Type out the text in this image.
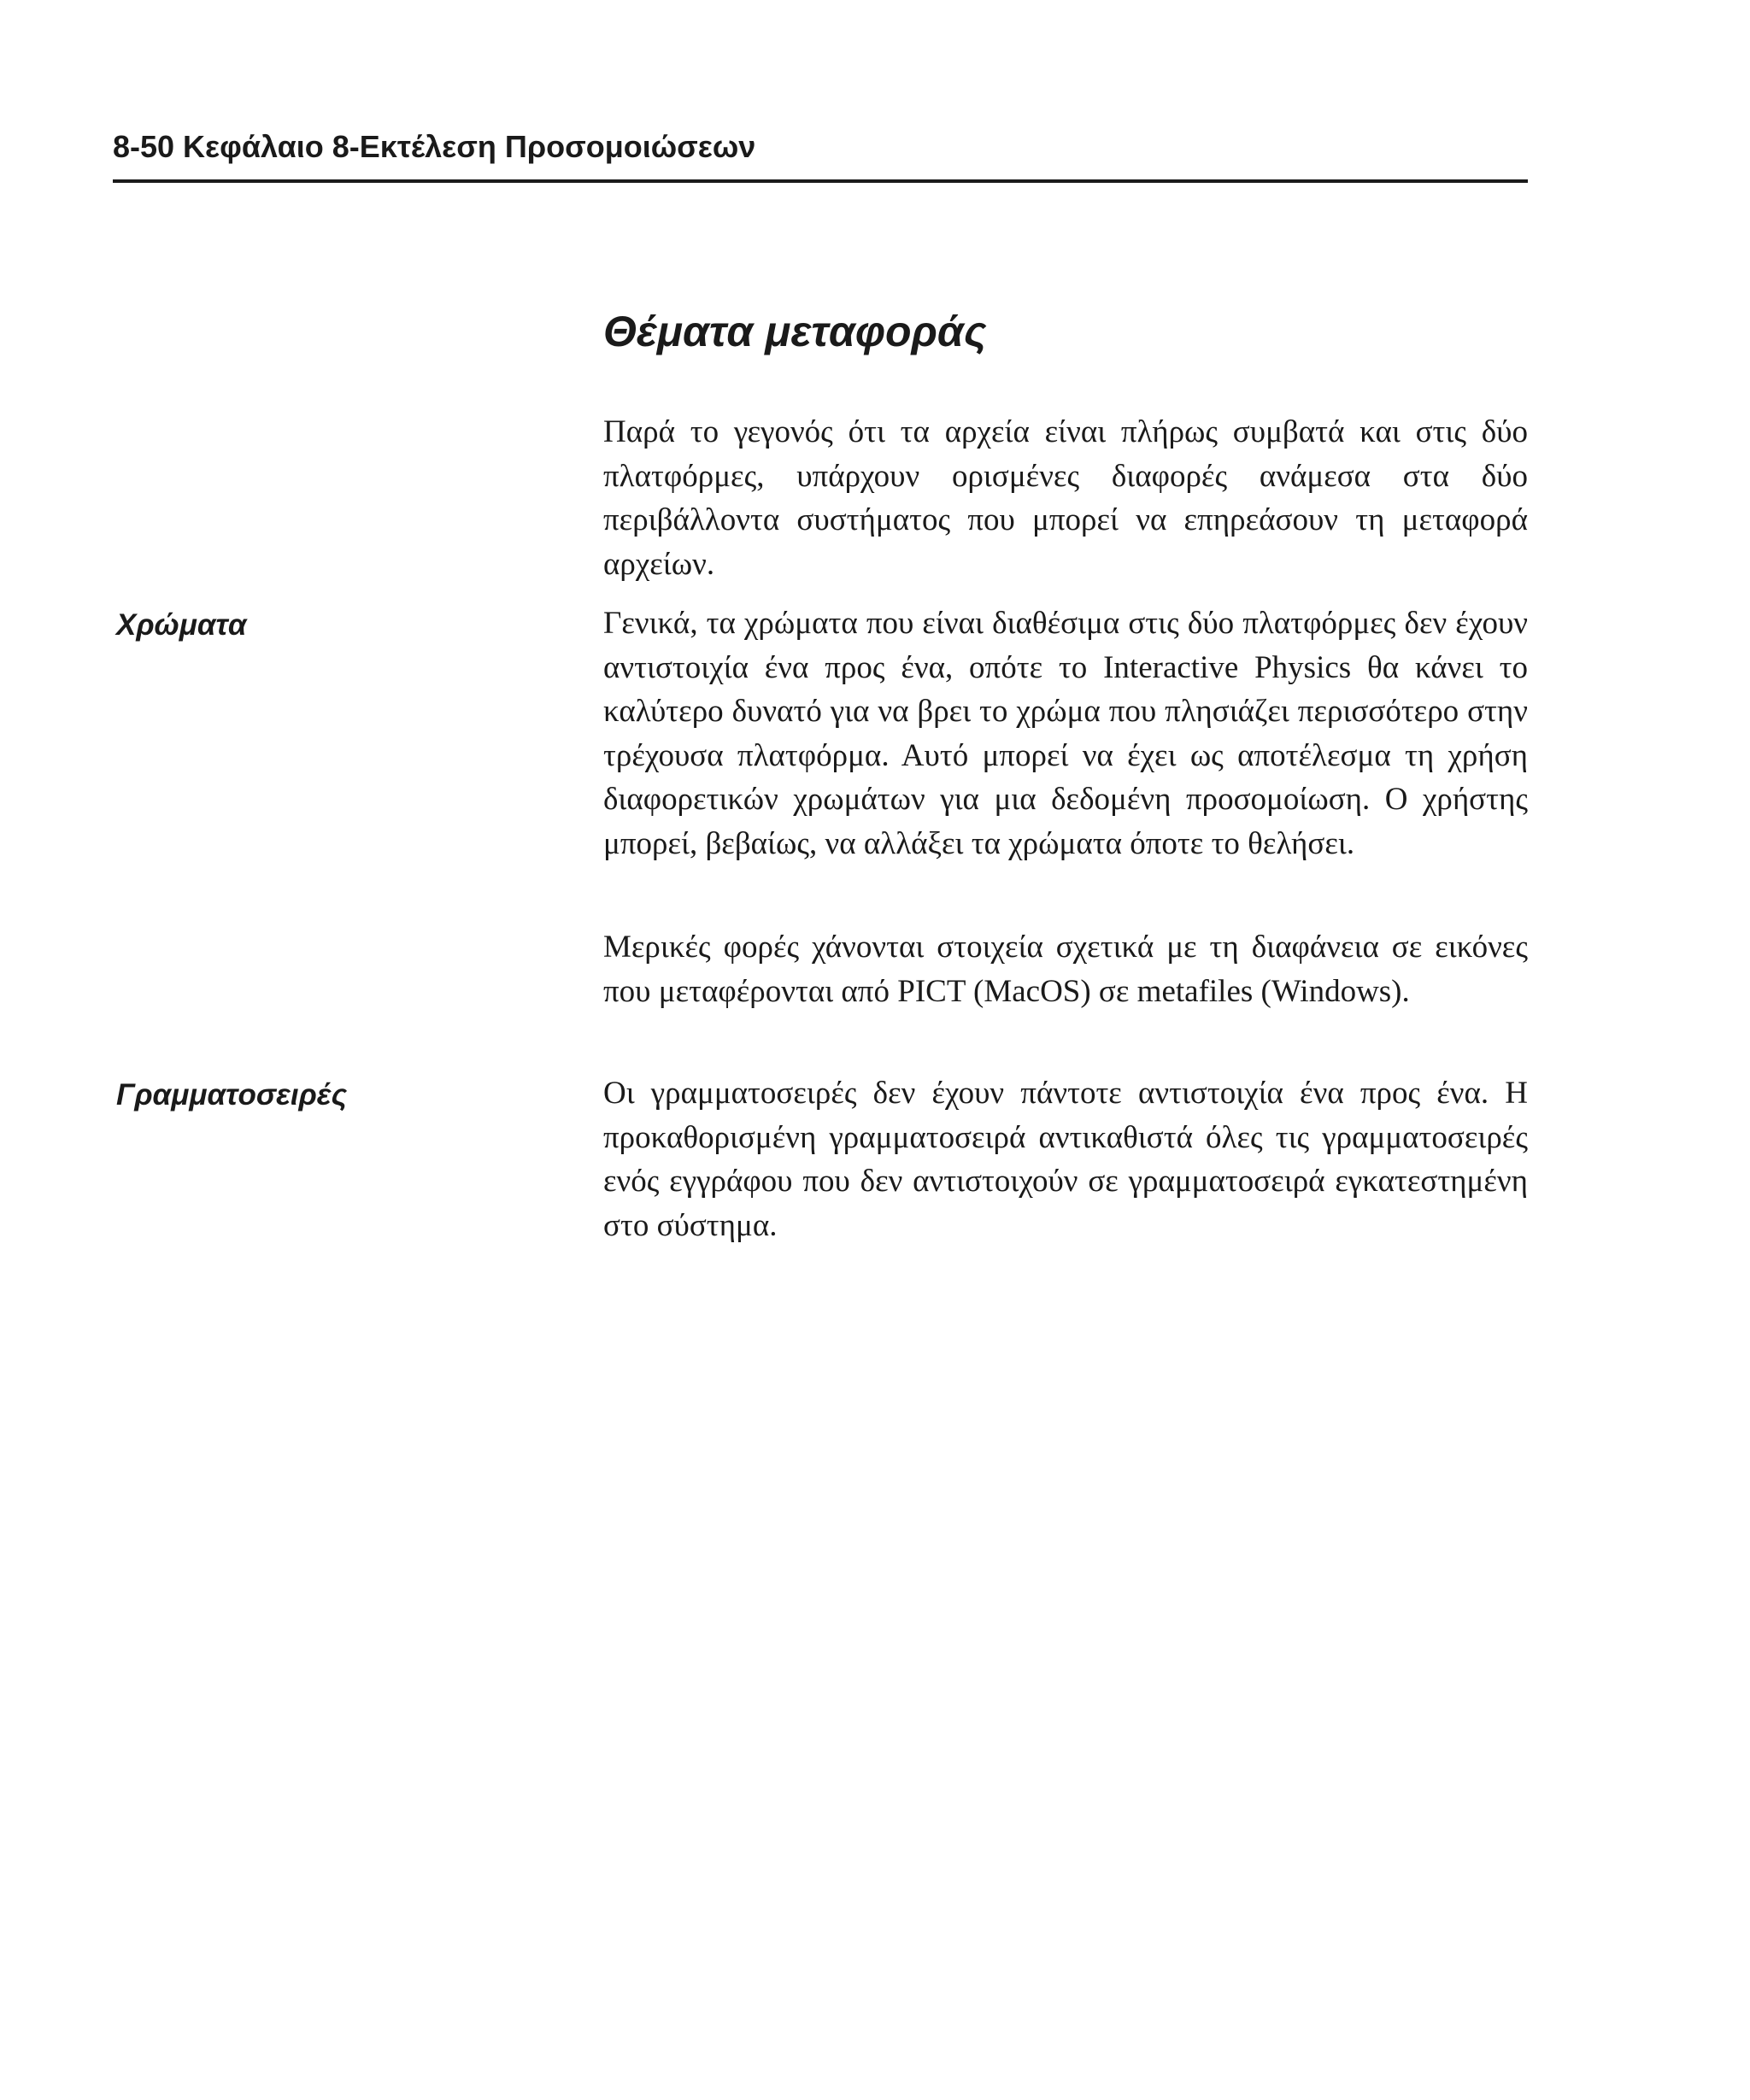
8-50 Κεφάλαιο 8-Εκτέλεση Προσομοιώσεων
Θέματα μεταφοράς

Παρά το γεγονός ότι τα αρχεία είναι πλήρως συμβατά και στις δύο πλατφόρμες, υπάρχουν ορισμένες διαφορές ανάμεσα στα δύο περιβάλλοντα συστήματος που μπορεί να επηρεάσουν τη μεταφορά αρχείων.

Χρώματα	Γενικά, τα χρώματα που είναι διαθέσιμα στις δύο πλατφόρμες δεν έχουν αντιστοιχία ένα προς ένα, οπότε το Interactive Physics θα κάνει το καλύτερο δυνατό για να βρει το χρώμα που πλησιάζει περισσότερο στην τρέχουσα πλατφόρμα. Αυτό μπορεί να έχει ως αποτέλεσμα τη χρήση διαφορετικών χρωμάτων για μια δεδομένη προσομοίωση. Ο χρήστης μπορεί, βεβαίως, να αλλάξει τα χρώματα όποτε το θελήσει.

Μερικές φορές χάνονται στοιχεία σχετικά με τη διαφάνεια σε εικόνες που μεταφέρονται από PICT (MacOS) σε metafiles (Windows).

Γραμματοσειρές	Οι γραμματοσειρές δεν έχουν πάντοτε αντιστοιχία ένα προς ένα. Η προκαθορισμένη γραμματοσειρά αντικαθιστά όλες τις γραμματοσειρές ενός εγγράφου που δεν αντιστοιχούν σε γραμματοσειρά εγκατεστημένη στο σύστημα.
